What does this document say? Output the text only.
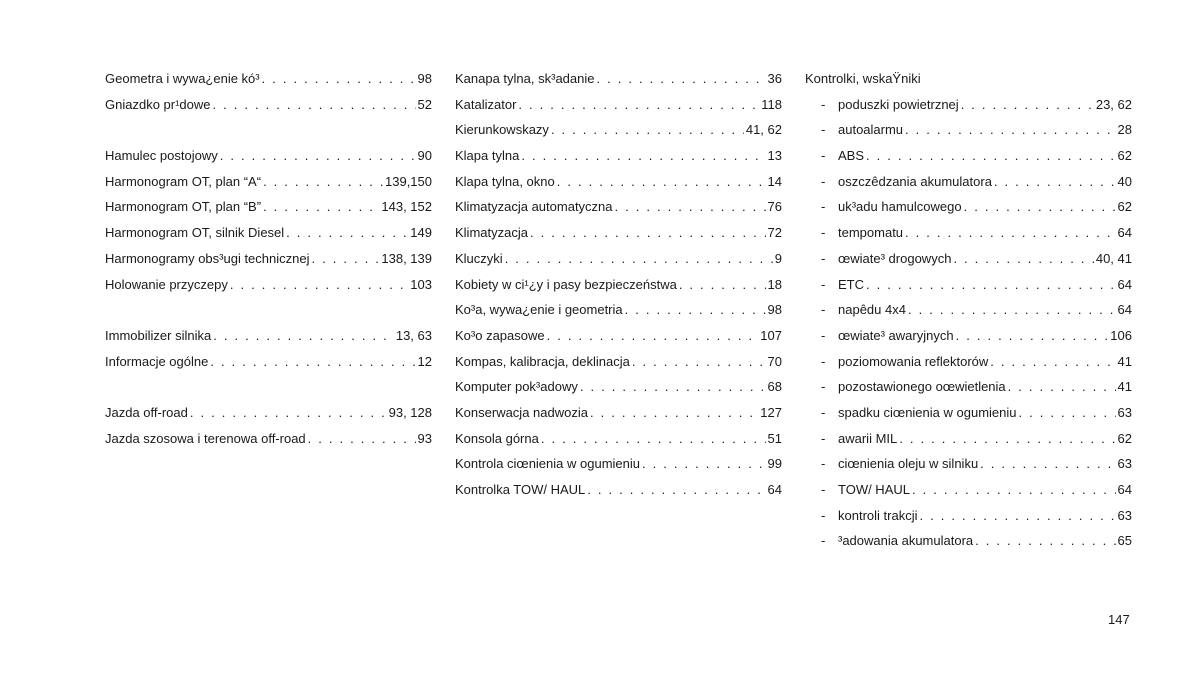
Geometra i wywa¿enie kó³ . . .	98
Gniazdko pr¹dowe . . .	52
Hamulec postojowy . . .	90
Harmonogram OT, plan “A“ . . .	139,150
Harmonogram OT, plan “B” . . .	143, 152
Harmonogram OT, silnik Diesel . . .	149
Harmonogramy obs³ugi technicznej . . .	138, 139
Holowanie przyczepy . . .	103
Immobilizer silnika . . .	13, 63
Informacje ogólne . . .	12
Jazda off-road . . .	93, 128
Jazda szosowa i terenowa off-road . . .	93
Kanapa tylna, sk³adanie . . .	36
Katalizator . . .	118
Kierunkowskazy . . .	41, 62
Klapa tylna . . .	13
Klapa tylna, okno . . .	14
Klimatyzacja automatyczna . . .	76
Klimatyzacja . . .	72
Kluczyki . . .	9
Kobiety w ci¹¿y i pasy bezpieczeństwa . . .	18
Ko³a, wywa¿enie i geometria . . .	98
Ko³o zapasowe . . .	107
Kompas, kalibracja, deklinacja . . .	70
Komputer pok³adowy . . .	68
Konserwacja nadwozia . . .	127
Konsola górna . . .	51
Kontrola ciœnienia w ogumieniu . . .	99
Kontrolka TOW/ HAUL . . .	64
Kontrolki, wskaŸniki
- poduszki powietrznej . . .	23, 62
- autoalarmu . . .	28
- ABS . . .	62
- oszczêdzania akumulatora . . .	40
- uk³adu hamulcowego . . .	62
- tempomatu . . .	64
- œwiate³ drogowych . . .	40, 41
- ETC . . .	64
- napêdu 4x4 . . .	64
- œwiate³ awaryjnych . . .	106
- poziomowania reflektorów . . .	41
- pozostawionego oœwietlenia . . .	41
- spadku ciœnienia w ogumieniu . . .	63
- awarii MIL . . .	62
- ciœnienia oleju w silniku . . .	63
- TOW/ HAUL . . .	64
- kontroli trakcji . . .	63
- ³adowania akumulatora . . .	65
147
